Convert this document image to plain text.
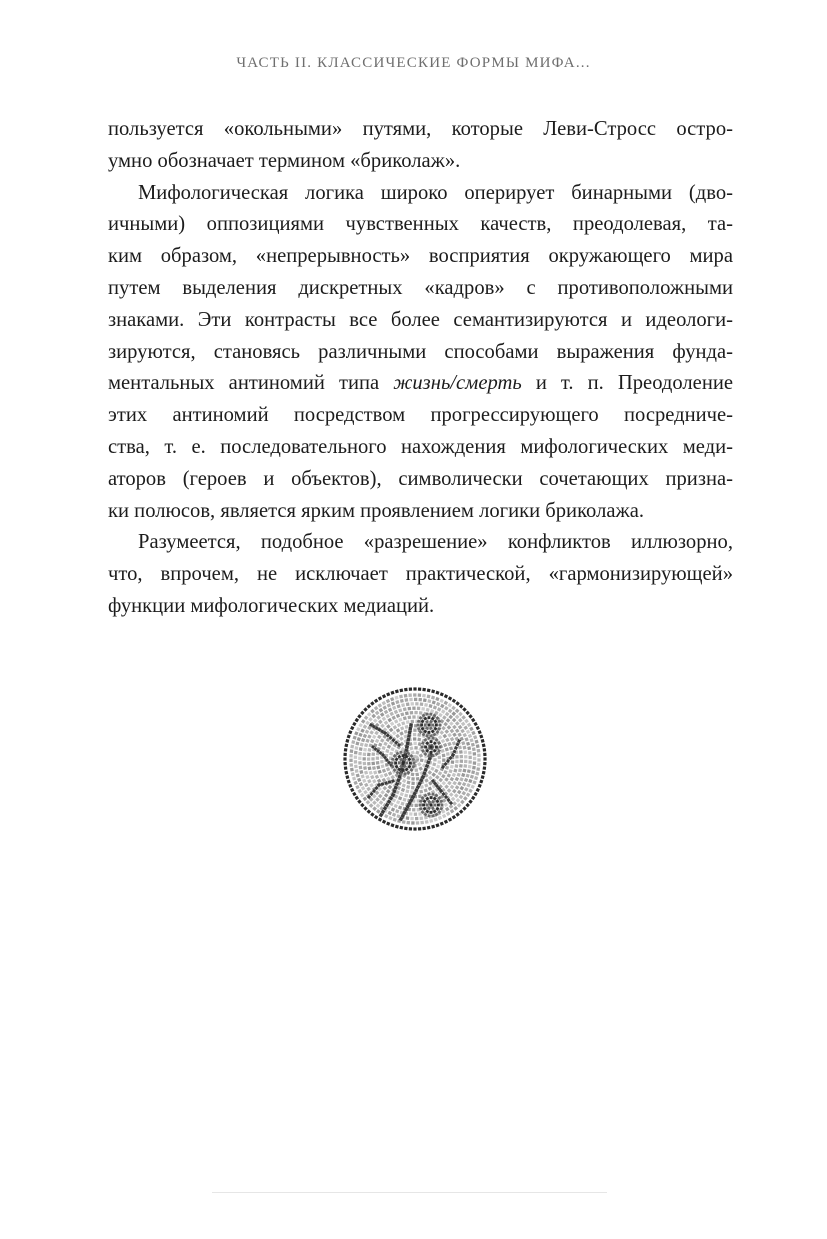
ЧАСТЬ II. КЛАССИЧЕСКИЕ ФОРМЫ МИФА...
пользуется «окольными» путями, которые Леви-Стросс остро-
умно обозначает термином «бриколаж».
Мифологическая логика широко оперирует бинарными (дво-
ичными) оппозициями чувственных качеств, преодолевая, та-
ким образом, «непрерывность» восприятия окружающего мира
путем выделения дискретных «кадров» с противоположными
знаками. Эти контрасты все более семантизируются и идеологи-
зируются, становясь различными способами выражения фунда-
ментальных антиномий типа жизнь/смерть и т. п. Преодоление
этих антиномий посредством прогрессирующего посредниче-
ства, т. е. последовательного нахождения мифологических меди-
аторов (героев и объектов), символически сочетающих призна-
ки полюсов, является ярким проявлением логики бриколажа.
Разумеется, подобное «разрешение» конфликтов иллюзорно,
что, впрочем, не исключает практической, «гармонизирующей»
функции мифологических медиаций.
